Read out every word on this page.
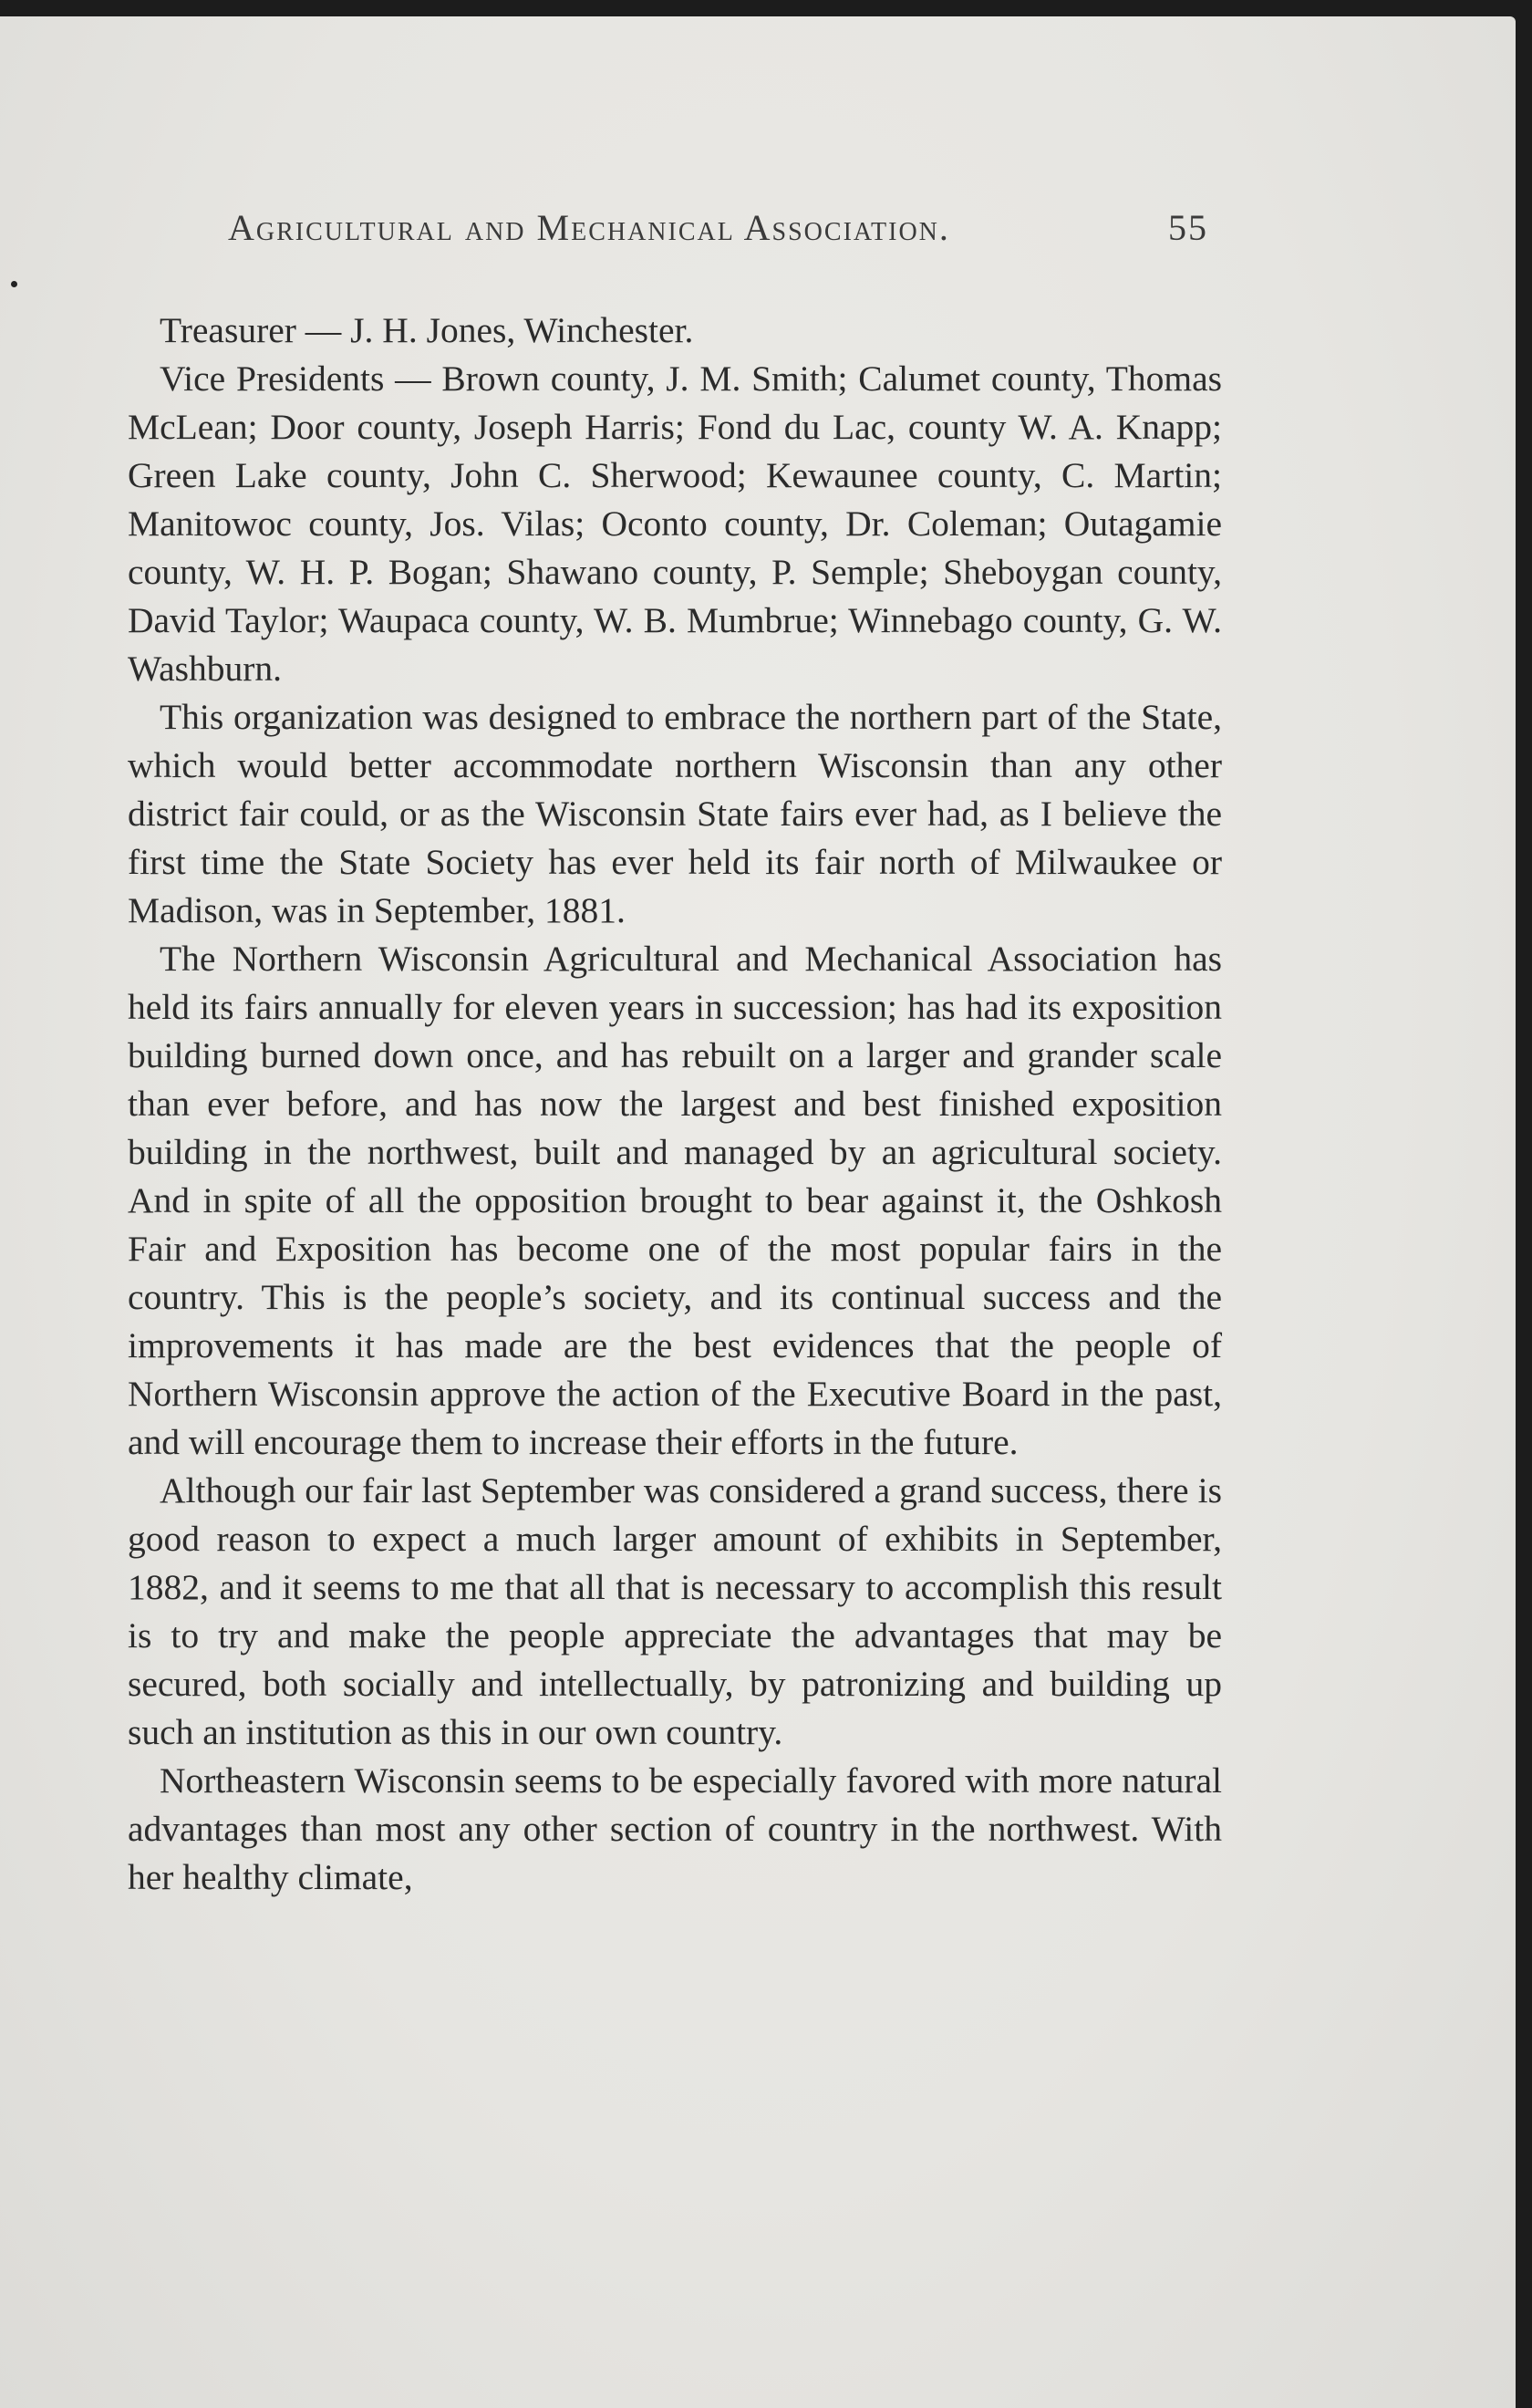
Agricultural and Mechanical Association.	55

Treasurer — J. H. Jones, Winchester.

Vice Presidents — Brown county, J. M. Smith; Calumet county, Thomas McLean; Door county, Joseph Harris; Fond du Lac, county W. A. Knapp; Green Lake county, John C. Sherwood; Kewaunee county, C. Martin; Manitowoc county, Jos. Vilas; Oconto county, Dr. Coleman; Outagamie county, W. H. P. Bogan; Shawano county, P. Semple; Sheboygan county, David Taylor; Waupaca county, W. B. Mumbrue; Winnebago county, G. W. Washburn.

This organization was designed to embrace the northern part of the State, which would better accommodate northern Wisconsin than any other district fair could, or as the Wisconsin State fairs ever had, as I believe the first time the State Society has ever held its fair north of Milwaukee or Madison, was in September, 1881.

The Northern Wisconsin Agricultural and Mechanical Association has held its fairs annually for eleven years in succession; has had its exposition building burned down once, and has rebuilt on a larger and grander scale than ever before, and has now the largest and best finished exposition building in the northwest, built and managed by an agricultural society. And in spite of all the opposition brought to bear against it, the Oshkosh Fair and Exposition has become one of the most popular fairs in the country. This is the people’s society, and its continual success and the improvements it has made are the best evidences that the people of Northern Wisconsin approve the action of the Executive Board in the past, and will encourage them to increase their efforts in the future.

Although our fair last September was considered a grand success, there is good reason to expect a much larger amount of exhibits in September, 1882, and it seems to me that all that is necessary to accomplish this result is to try and make the people appreciate the advantages that may be secured, both socially and intellectually, by patronizing and building up such an institution as this in our own country.

Northeastern Wisconsin seems to be especially favored with more natural advantages than most any other section of country in the northwest. With her healthy climate,
